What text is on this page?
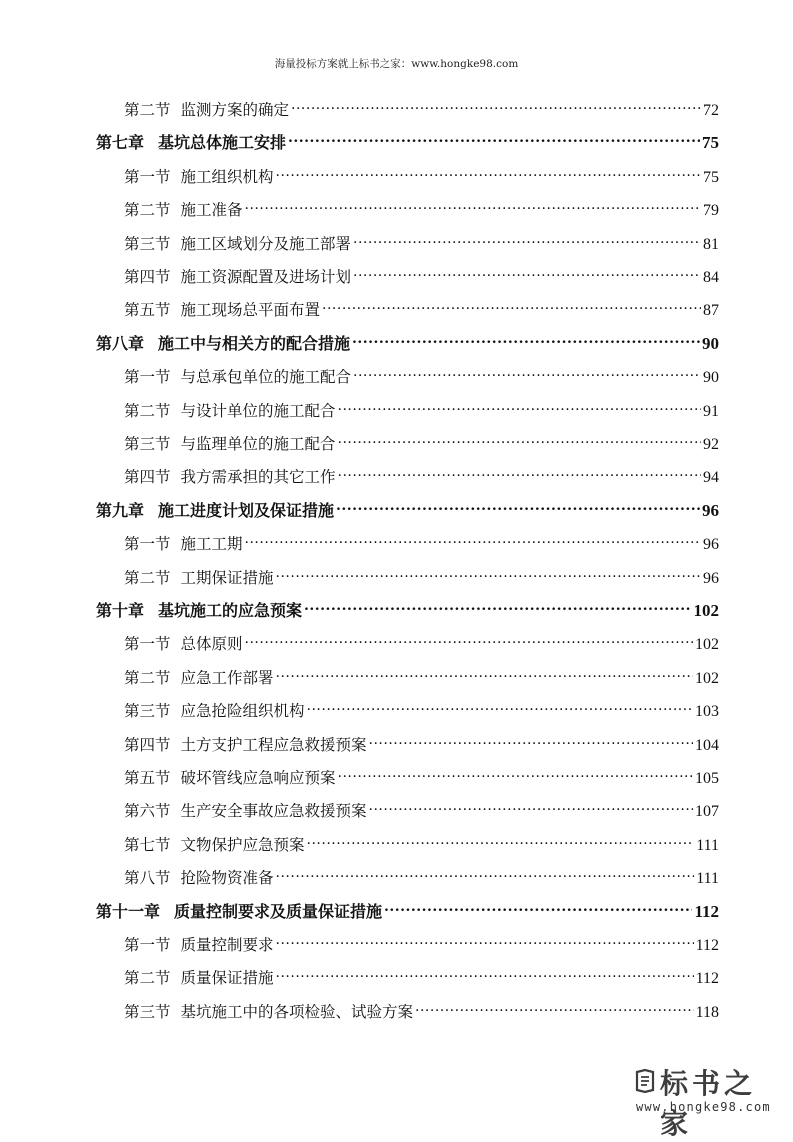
海量投标方案就上标书之家：www.hongke98.com
第二节 监测方案的确定 .....	72
第七章 基坑总体施工安排 .....	75
第一节 施工组织机构 .....	75
第二节 施工准备 .....	79
第三节 施工区域划分及施工部署 .....	81
第四节 施工资源配置及进场计划 .....	84
第五节 施工现场总平面布置 .....	87
第八章 施工中与相关方的配合措施 .....	90
第一节 与总承包单位的施工配合 .....	90
第二节 与设计单位的施工配合 .....	91
第三节 与监理单位的施工配合 .....	92
第四节 我方需承担的其它工作 .....	94
第九章 施工进度计划及保证措施 .....	96
第一节 施工工期 .....	96
第二节 工期保证措施 .....	96
第十章 基坑施工的应急预案 .....	102
第一节 总体原则 .....	102
第二节 应急工作部署 .....	102
第三节 应急抢险组织机构 .....	103
第四节 土方支护工程应急救援预案 .....	104
第五节 破坏管线应急响应预案 .....	105
第六节 生产安全事故应急救援预案 .....	107
第七节 文物保护应急预案 .....	111
第八节 抢险物资准备 .....	111
第十一章 质量控制要求及质量保证措施 .....	112
第一节 质量控制要求 .....	112
第二节 质量保证措施 .....	112
第三节 基坑施工中的各项检验、试验方案 .....	118
标书之家
www.hongke98.com
